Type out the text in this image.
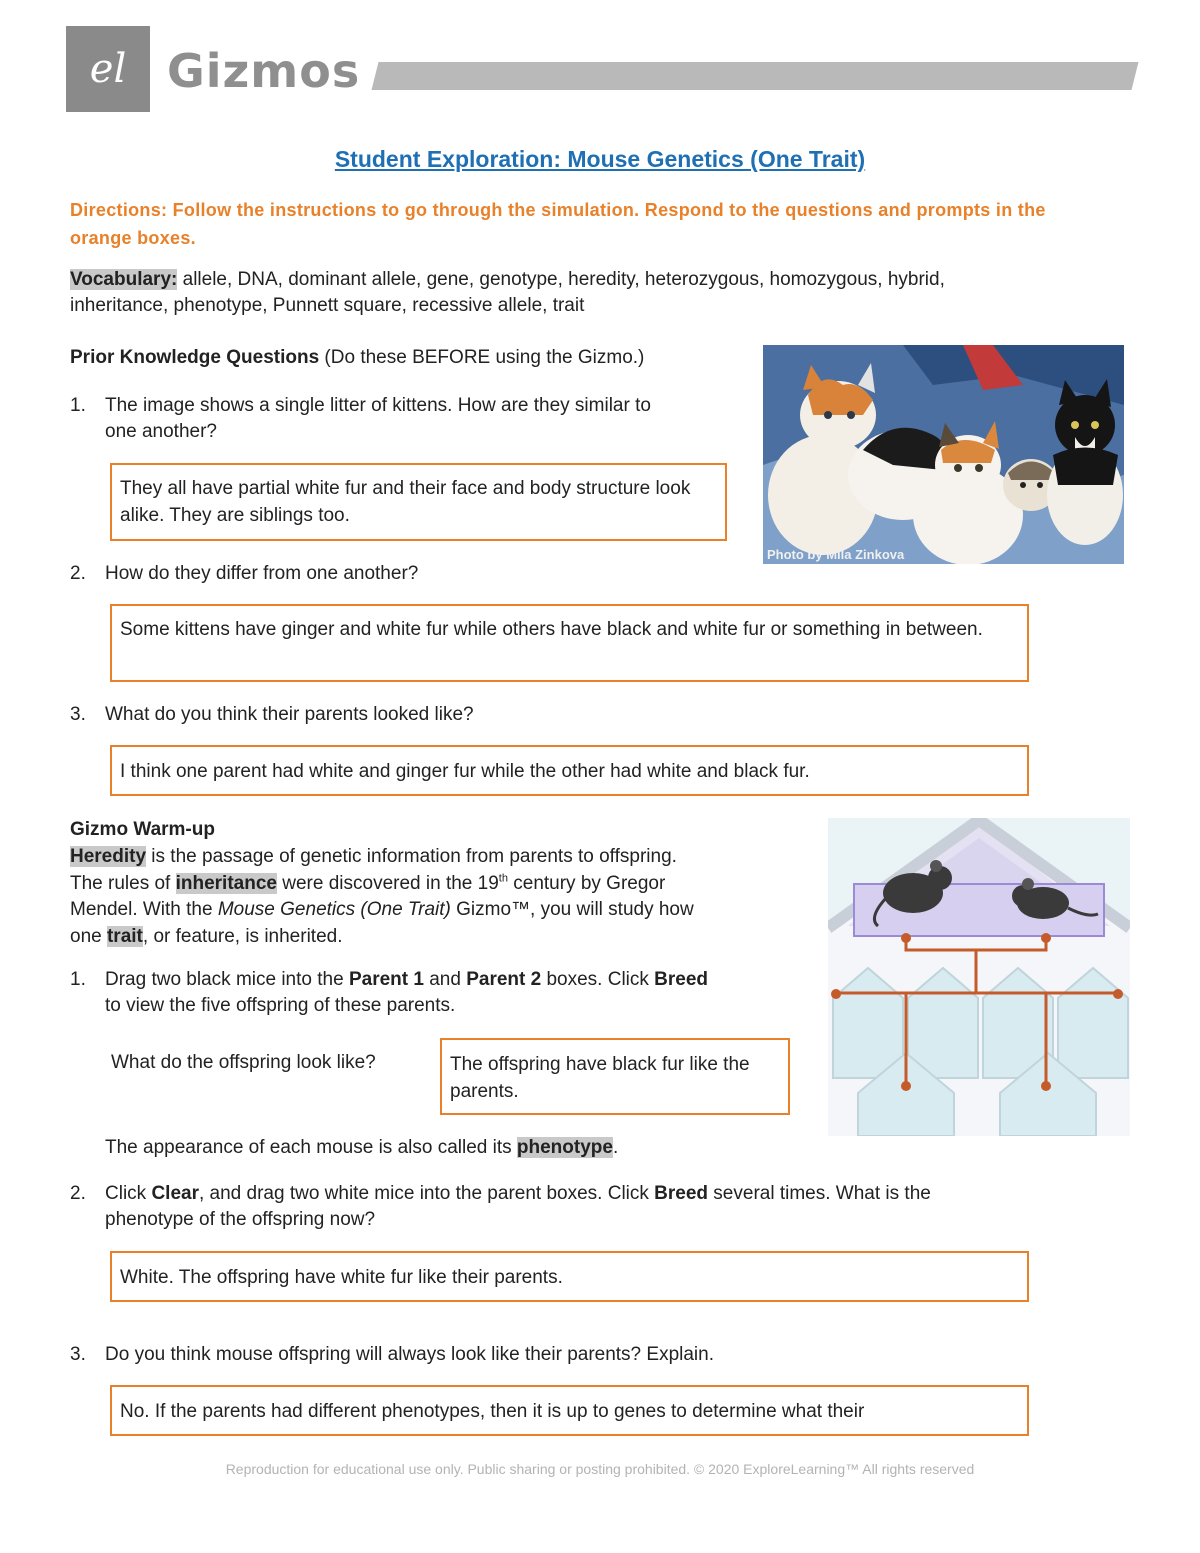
el Gizmos
Student Exploration: Mouse Genetics (One Trait)
Directions: Follow the instructions to go through the simulation. Respond to the questions and prompts in the orange boxes.
Vocabulary: allele, DNA, dominant allele, gene, genotype, heredity, heterozygous, homozygous, hybrid,
inheritance, phenotype, Punnett square, recessive allele, trait
Prior Knowledge Questions (Do these BEFORE using the Gizmo.)
1. The image shows a single litter of kittens. How are they similar to
one another?
They all have partial white fur and their face and body structure look alike. They are siblings too.
2. How do they differ from one another?
Some kittens have ginger and white fur while others have black and white fur or something in between.
3. What do you think their parents looked like?
I think one parent had white and ginger fur while the other had white and black fur.
Photo by Mila Zinkova
Gizmo Warm-up
Heredity is the passage of genetic information from parents to offspring.
The rules of inheritance were discovered in the 19th century by Gregor
Mendel. With the Mouse Genetics (One Trait) Gizmo™, you will study how
one trait, or feature, is inherited.
1. Drag two black mice into the Parent 1 and Parent 2 boxes. Click Breed
to view the five offspring of these parents.
What do the offspring look like?	The offspring have black fur like the parents.
The appearance of each mouse is also called its phenotype.
2. Click Clear, and drag two white mice into the parent boxes. Click Breed several times. What is the
phenotype of the offspring now?
White. The offspring have white fur like their parents.
3. Do you think mouse offspring will always look like their parents? Explain.
No. If the parents had different phenotypes, then it is up to genes to determine what their
Reproduction for educational use only. Public sharing or posting prohibited. © 2020 ExploreLearning™ All rights reserved
